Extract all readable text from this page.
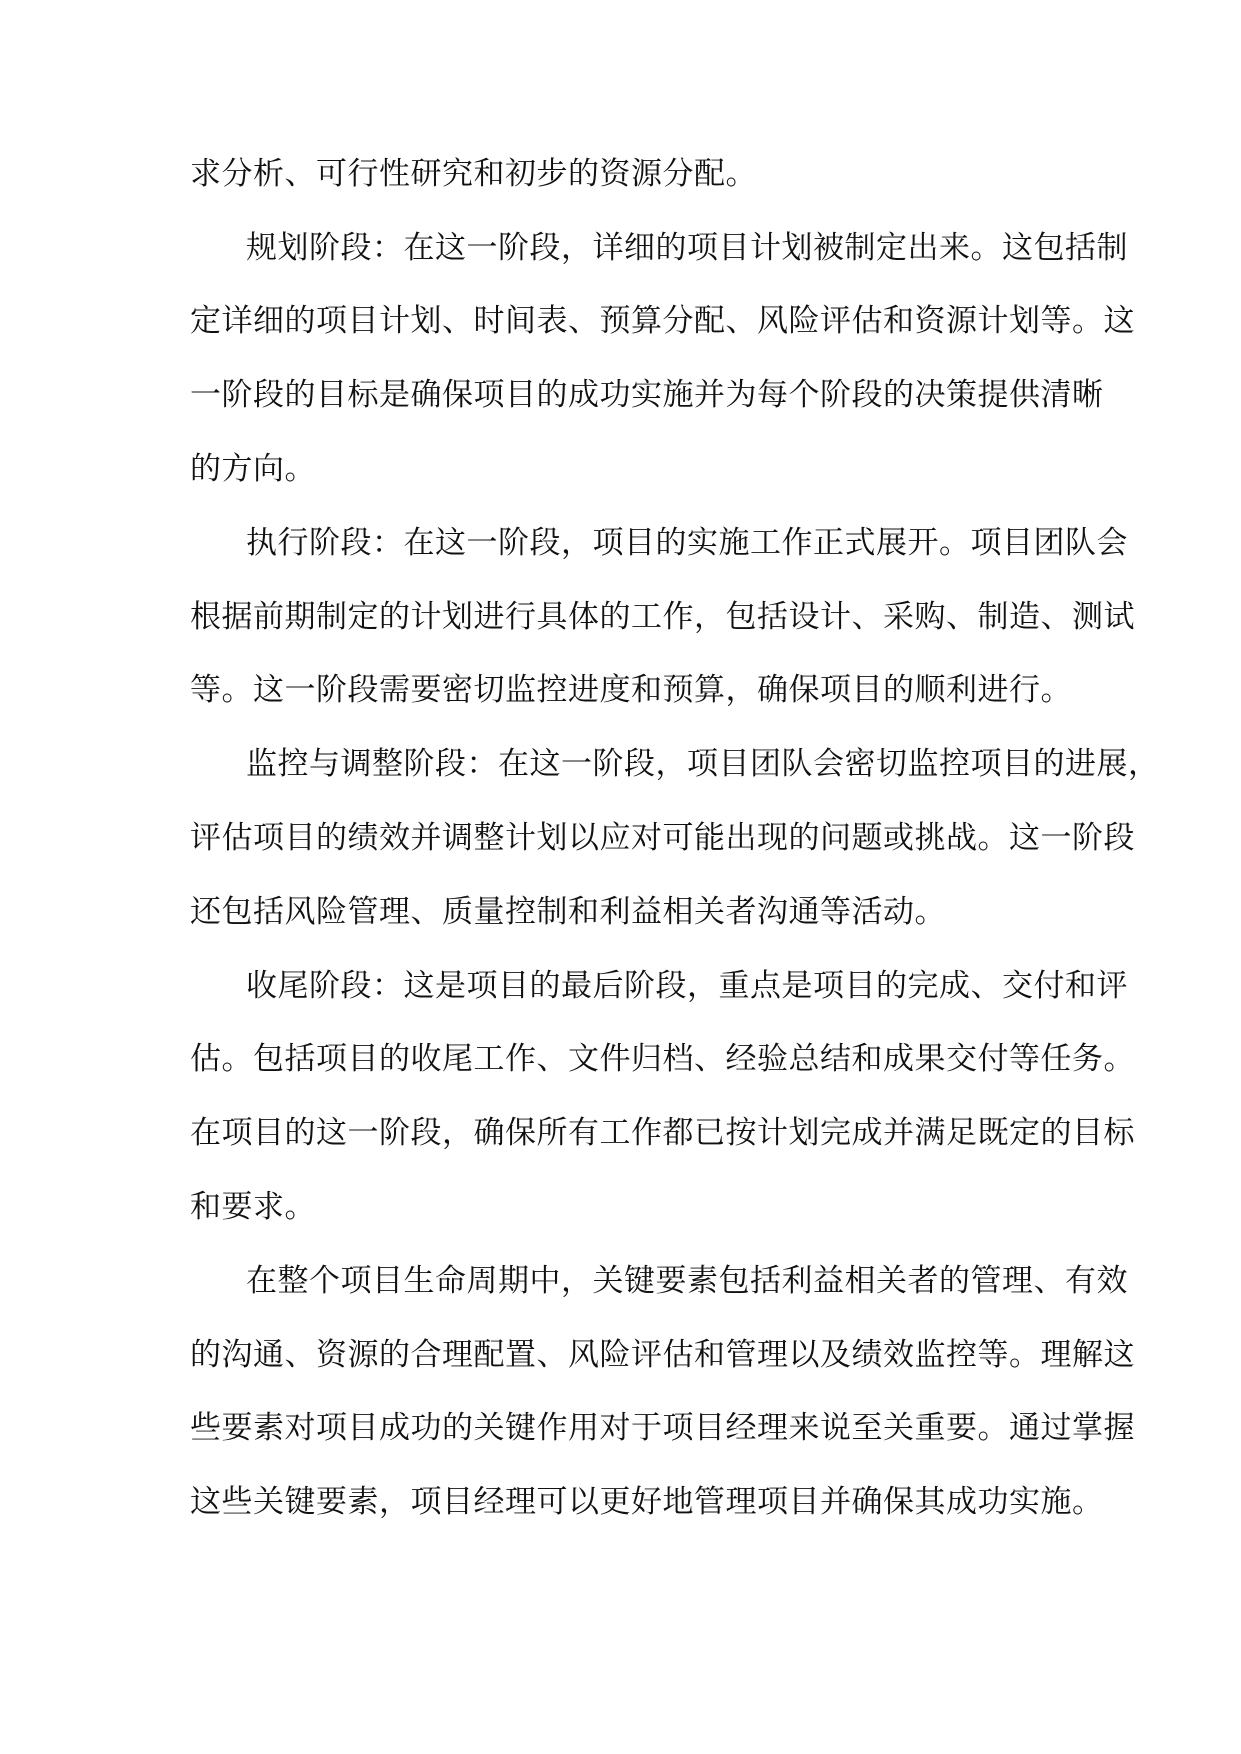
求分析、可行性研究和初步的资源分配。
规划阶段：在这一阶段，详细的项目计划被制定出来。这包括制
定详细的项目计划、时间表、预算分配、风险评估和资源计划等。这
一阶段的目标是确保项目的成功实施并为每个阶段的决策提供清晰
的方向。
执行阶段：在这一阶段，项目的实施工作正式展开。项目团队会
根据前期制定的计划进行具体的工作，包括设计、采购、制造、测试
等。这一阶段需要密切监控进度和预算，确保项目的顺利进行。
监控与调整阶段：在这一阶段，项目团队会密切监控项目的进展，
评估项目的绩效并调整计划以应对可能出现的问题或挑战。这一阶段
还包括风险管理、质量控制和利益相关者沟通等活动。
收尾阶段：这是项目的最后阶段，重点是项目的完成、交付和评
估。包括项目的收尾工作、文件归档、经验总结和成果交付等任务。
在项目的这一阶段，确保所有工作都已按计划完成并满足既定的目标
和要求。
在整个项目生命周期中，关键要素包括利益相关者的管理、有效
的沟通、资源的合理配置、风险评估和管理以及绩效监控等。理解这
些要素对项目成功的关键作用对于项目经理来说至关重要。通过掌握
这些关键要素，项目经理可以更好地管理项目并确保其成功实施。
